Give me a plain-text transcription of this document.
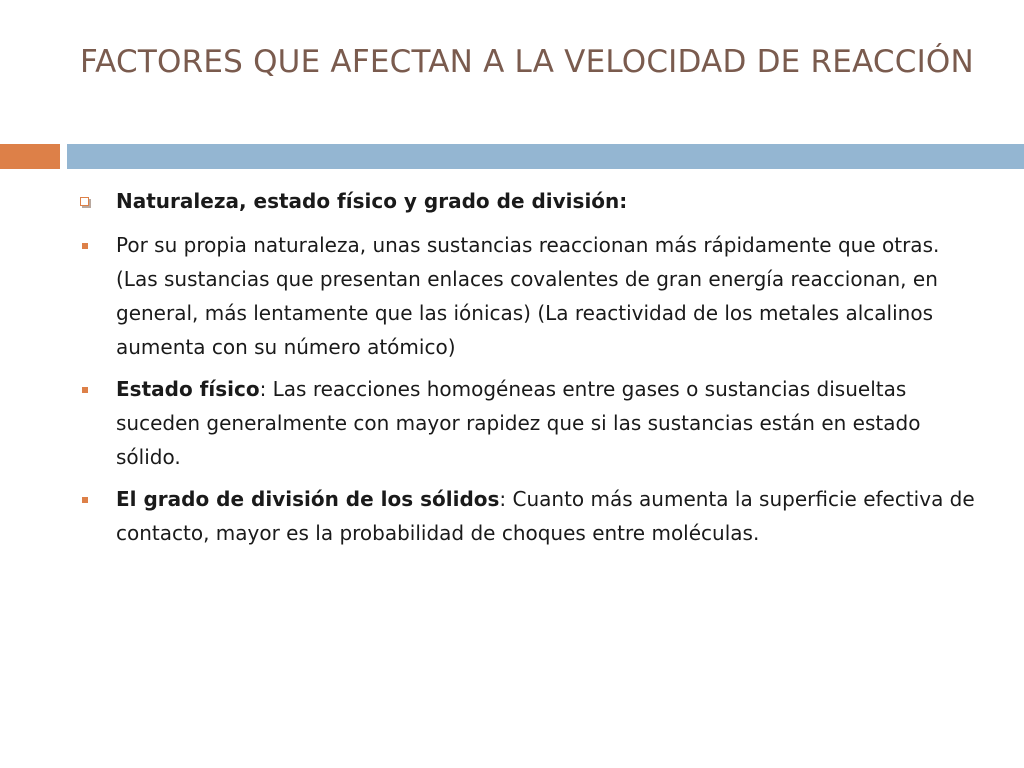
FACTORES QUE AFECTAN A LA VELOCIDAD DE REACCIÓN
Naturaleza, estado físico y grado de división:
Por su propia naturaleza, unas sustancias reaccionan más rápidamente que otras. (Las sustancias que presentan enlaces covalentes de gran energía reaccionan, en general, más lentamente que las iónicas) (La reactividad de los metales alcalinos aumenta con su número atómico)
Estado físico: Las reacciones homogéneas entre gases o sustancias disueltas suceden generalmente con mayor rapidez que si las sustancias están en estado sólido.
El grado de división de los sólidos: Cuanto más aumenta la superficie efectiva de contacto, mayor es la probabilidad de choques entre moléculas.
